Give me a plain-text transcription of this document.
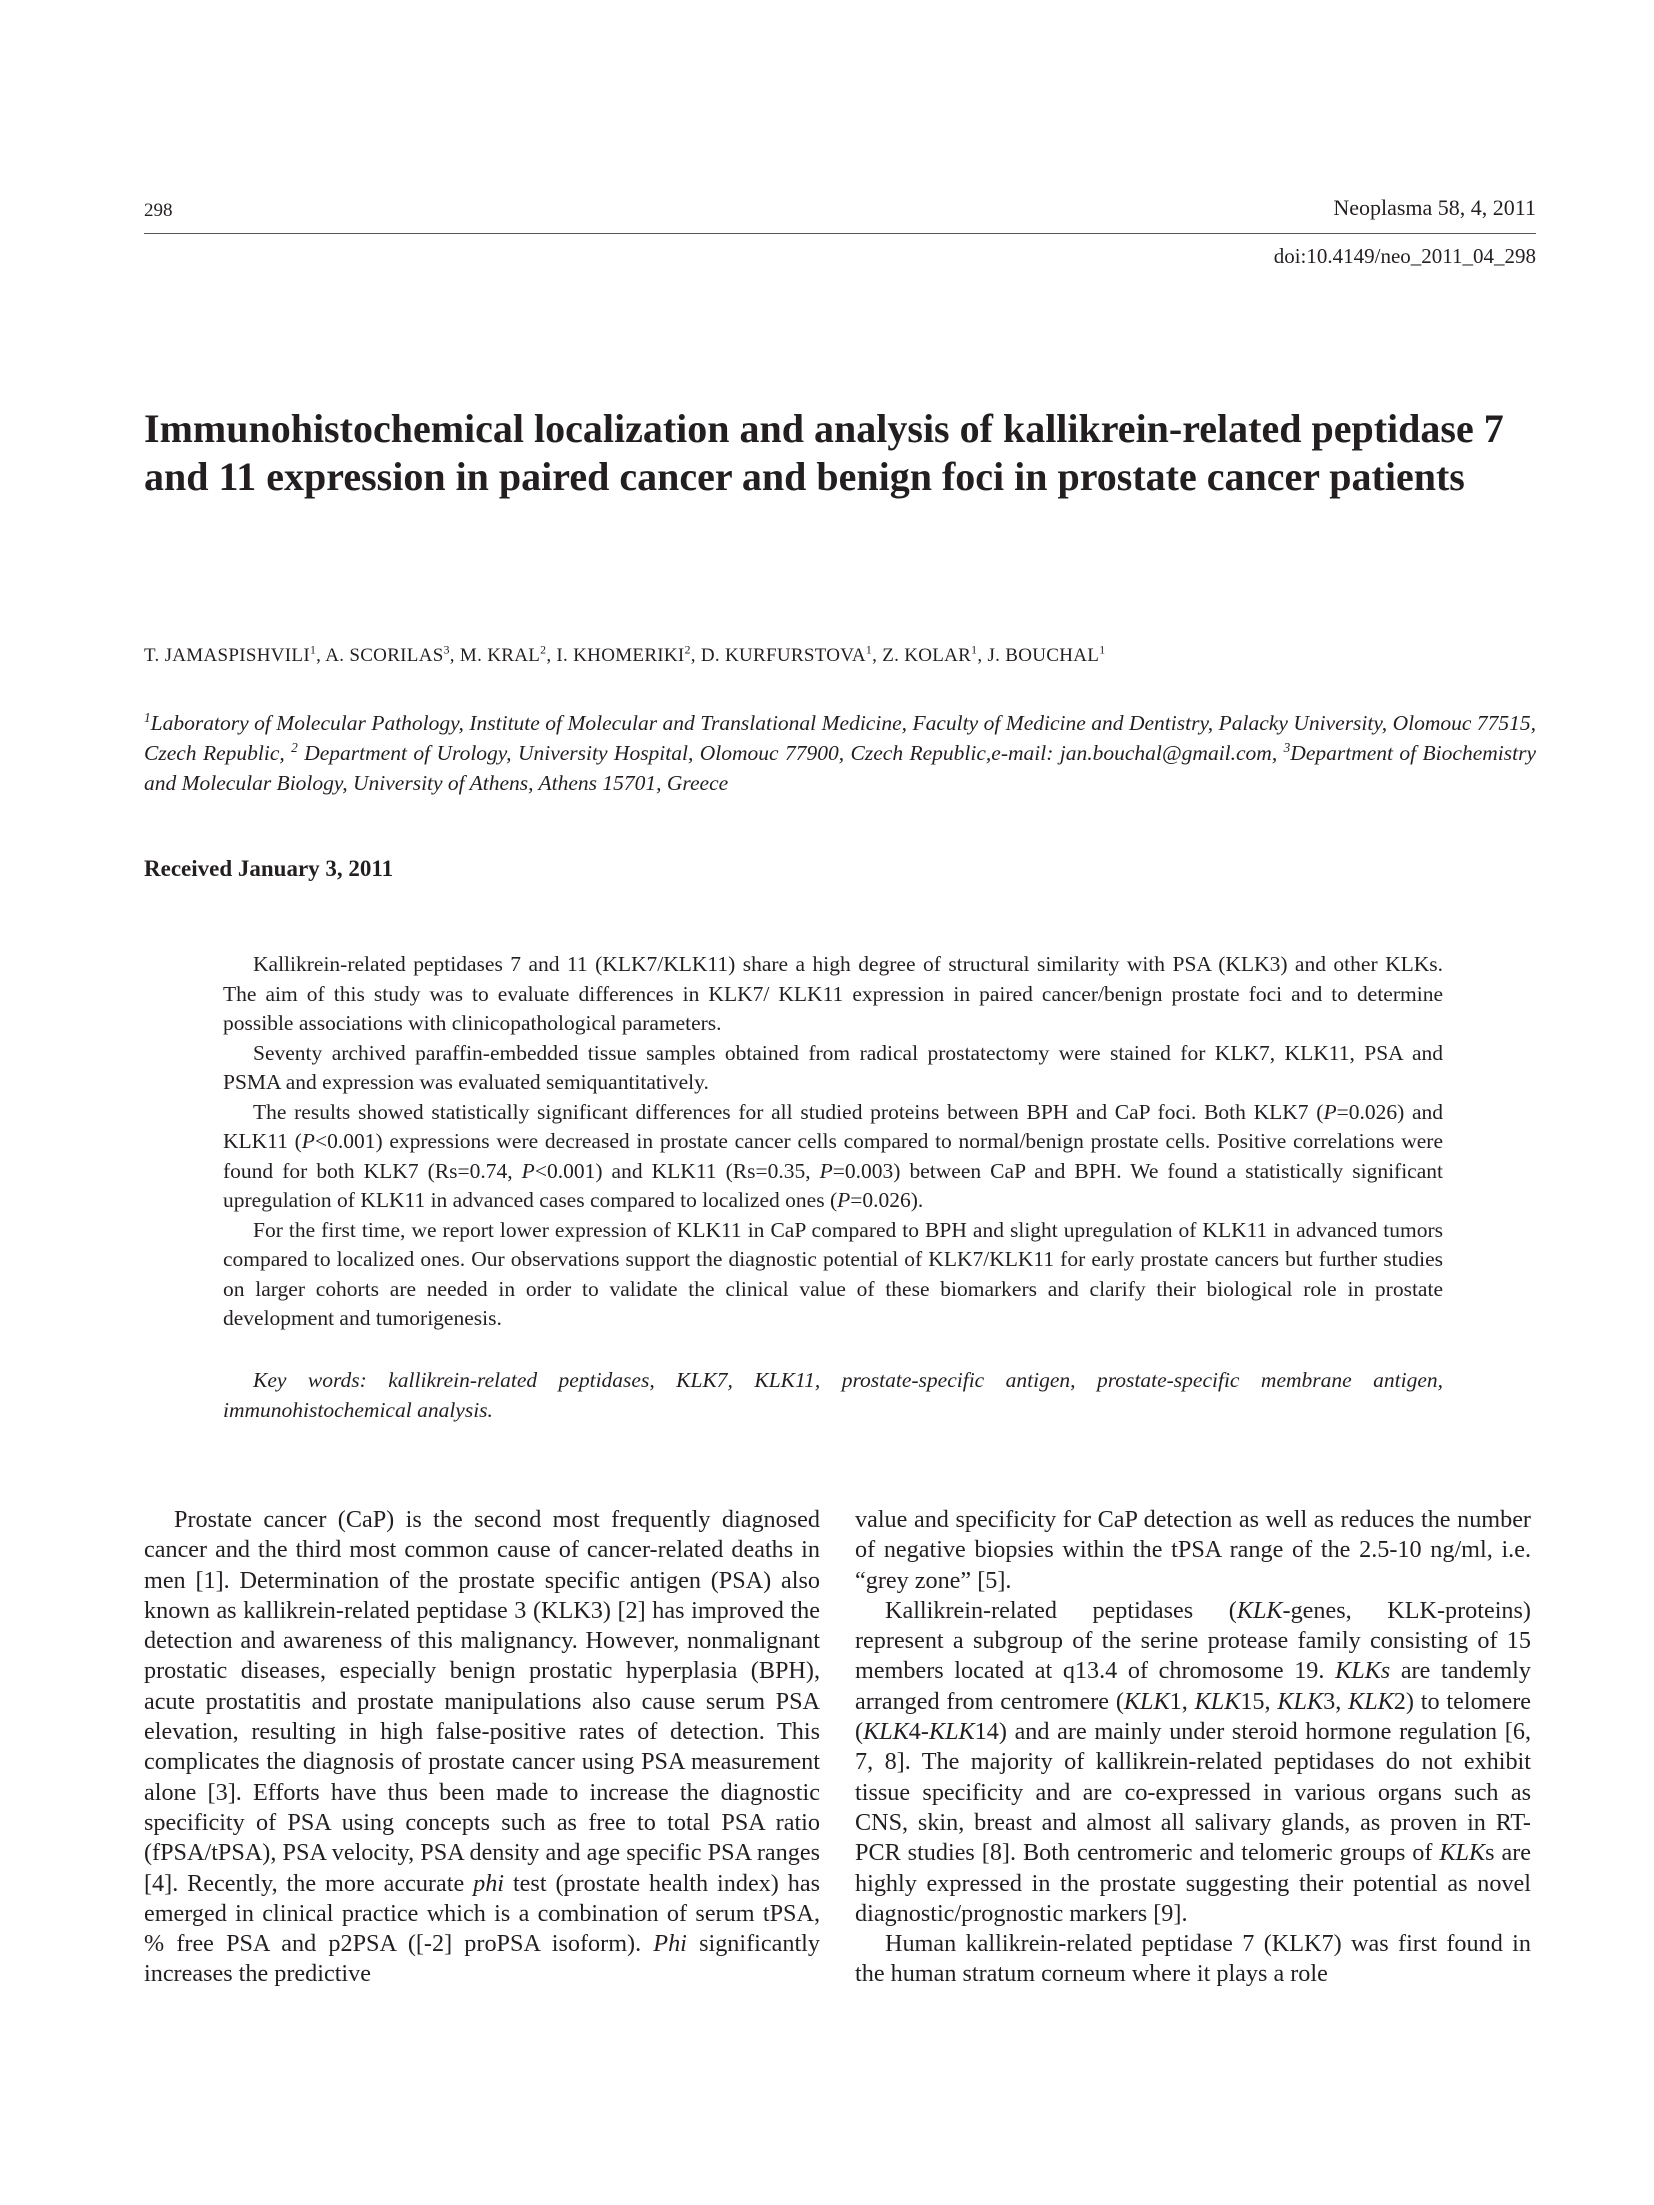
298	Neoplasma 58, 4, 2011
doi:10.4149/neo_2011_04_298
Immunohistochemical localization and analysis of kallikrein-related peptidase 7 and 11 expression in paired cancer and benign foci in prostate cancer patients
T. JAMASPISHVILI$^1$, A. SCORILAS$^3$, M. KRAL$^2$, I. KHOMERIKI$^2$, D. KURFURSTOVA$^1$, Z. KOLAR$^1$, J. BOUCHAL$^1$
$^1$Laboratory of Molecular Pathology, Institute of Molecular and Translational Medicine, Faculty of Medicine and Dentistry, Palacky University, Olomouc 77515, Czech Republic, $^2$ Department of Urology, University Hospital, Olomouc 77900, Czech Republic,e-mail: jan.bouchal@gmail.com, $^3$Department of Biochemistry and Molecular Biology, University of Athens, Athens 15701, Greece
Received January 3, 2011

Kallikrein-related peptidases 7 and 11 (KLK7/KLK11) share a high degree of structural similarity with PSA (KLK3) and other KLKs. The aim of this study was to evaluate differences in KLK7/ KLK11 expression in paired cancer/benign prostate foci and to determine possible associations with clinicopathological parameters.

Seventy archived paraffin-embedded tissue samples obtained from radical prostatectomy were stained for KLK7, KLK11, PSA and PSMA and expression was evaluated semiquantitatively.

The results showed statistically significant differences for all studied proteins between BPH and CaP foci. Both KLK7 (P=0.026) and KLK11 (P<0.001) expressions were decreased in prostate cancer cells compared to normal/benign prostate cells. Positive correlations were found for both KLK7 (Rs=0.74, P<0.001) and KLK11 (Rs=0.35, P=0.003) between CaP and BPH. We found a statistically significant upregulation of KLK11 in advanced cases compared to localized ones (P=0.026).

For the first time, we report lower expression of KLK11 in CaP compared to BPH and slight upregulation of KLK11 in advanced tumors compared to localized ones. Our observations support the diagnostic potential of KLK7/KLK11 for early prostate cancers but further studies on larger cohorts are needed in order to validate the clinical value of these biomarkers and clarify their biological role in prostate development and tumorigenesis.

Key words: kallikrein-related peptidases, KLK7, KLK11, prostate-specific antigen, prostate-specific membrane antigen, immunohistochemical analysis.

Prostate cancer (CaP) is the second most frequently diagnosed cancer and the third most common cause of cancer-related deaths in men [1]. Determination of the prostate specific antigen (PSA) also known as kallikrein-related peptidase 3 (KLK3) [2] has improved the detection and awareness of this malignancy. However, nonmalignant prostatic diseases, especially benign prostatic hyperplasia (BPH), acute prostatitis and prostate manipulations also cause serum PSA elevation, resulting in high false-positive rates of detection. This complicates the diagnosis of prostate cancer using PSA measurement alone [3]. Efforts have thus been made to increase the diagnostic specificity of PSA using concepts such as free to total PSA ratio (fPSA/tPSA), PSA velocity, PSA density and age specific PSA ranges [4]. Recently, the more accurate phi test (prostate health index) has emerged in clinical practice which is a combination of serum tPSA, % free PSA and p2PSA ([-2] proPSA isoform). Phi significantly increases the predictive

value and specificity for CaP detection as well as reduces the number of negative biopsies within the tPSA range of the 2.5-10 ng/ml, i.e. “grey zone” [5].

Kallikrein-related peptidases (KLK-genes, KLK-proteins) represent a subgroup of the serine protease family consisting of 15 members located at q13.4 of chromosome 19. KLKs are tandemly arranged from centromere (KLK1, KLK15, KLK3, KLK2) to telomere (KLK4-KLK14) and are mainly under steroid hormone regulation [6, 7, 8]. The majority of kallikrein-related peptidases do not exhibit tissue specificity and are co-expressed in various organs such as CNS, skin, breast and almost all salivary glands, as proven in RT-PCR studies [8]. Both centromeric and telomeric groups of KLKs are highly expressed in the prostate suggesting their potential as novel diagnostic/prognostic markers [9].

Human kallikrein-related peptidase 7 (KLK7) was first found in the human stratum corneum where it plays a role
